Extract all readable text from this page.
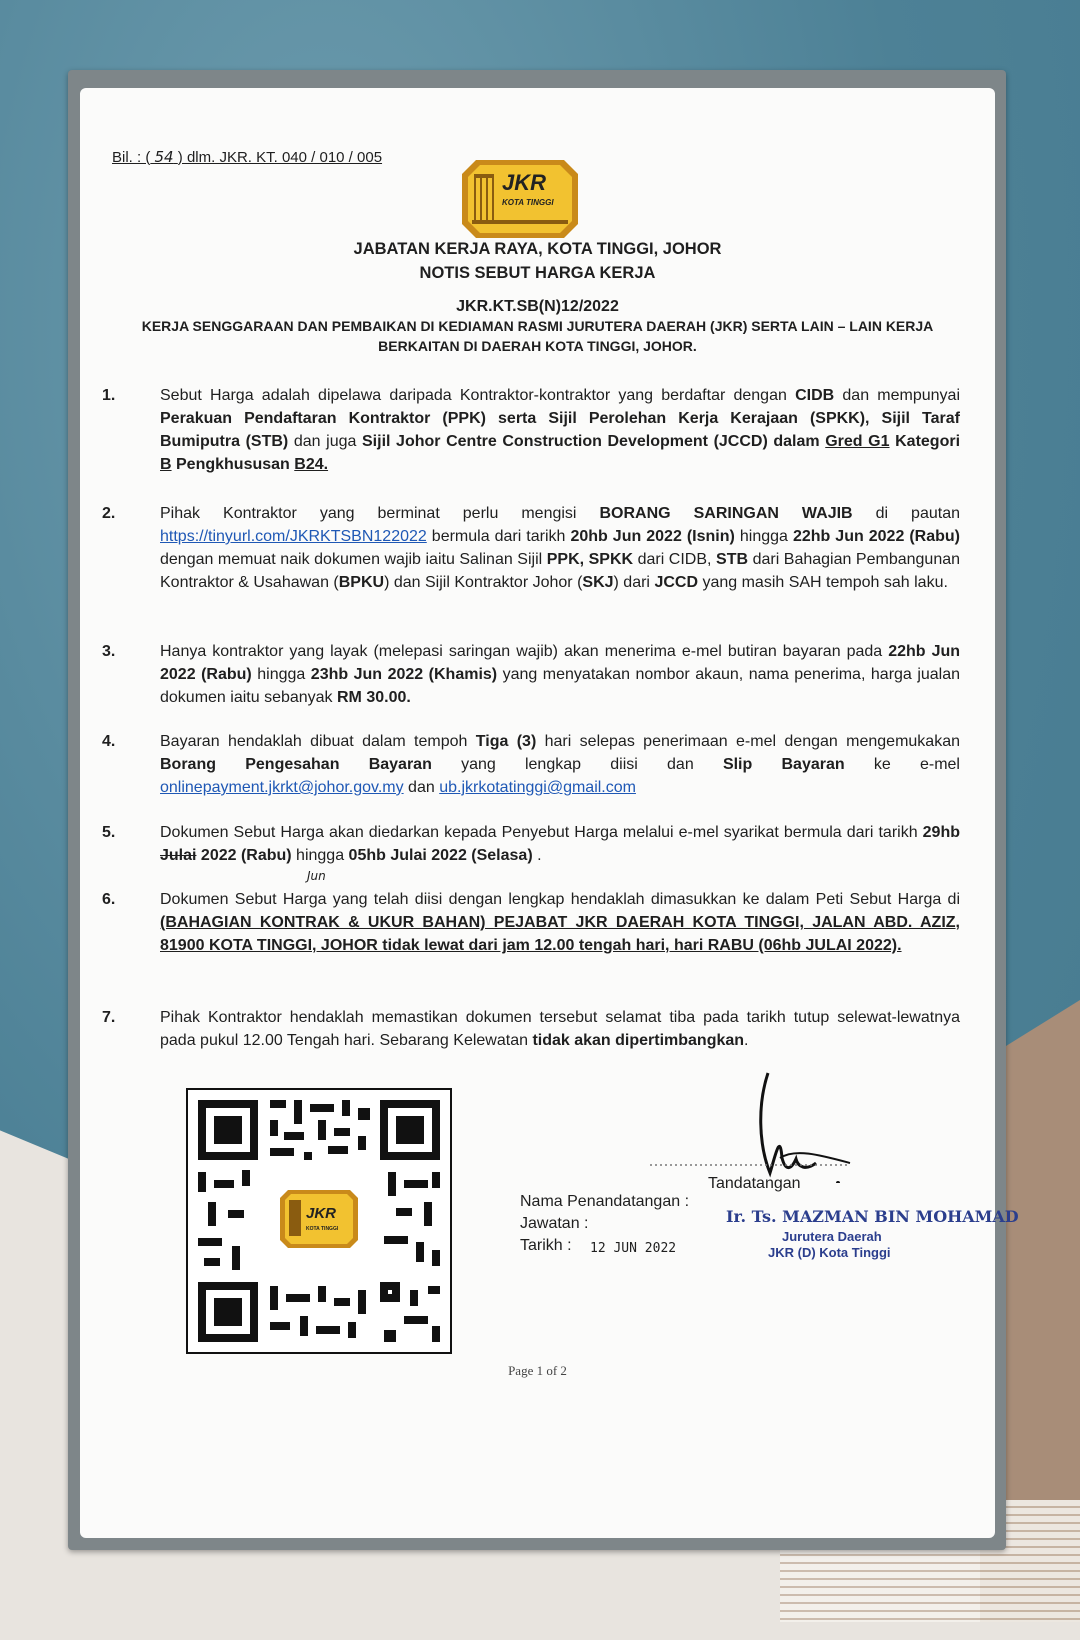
Bil. : ( 54 ) dlm. JKR. KT. 040 / 010 / 005
JKR
KOTA TINGGI
JABATAN KERJA RAYA, KOTA TINGGI, JOHOR
NOTIS SEBUT HARGA KERJA
JKR.KT.SB(N)12/2022
KERJA SENGGARAAN DAN PEMBAIKAN DI KEDIAMAN RASMI JURUTERA DAERAH (JKR) SERTA LAIN – LAIN KERJA BERKAITAN DI DAERAH KOTA TINGGI, JOHOR.
1.	Sebut Harga adalah dipelawa daripada Kontraktor-kontraktor yang berdaftar dengan CIDB dan mempunyai Perakuan Pendaftaran Kontraktor (PPK) serta Sijil Perolehan Kerja Kerajaan (SPKK), Sijil Taraf Bumiputra (STB) dan juga Sijil Johor Centre Construction Development (JCCD) dalam Gred G1 Kategori B Pengkhususan B24.
2.	Pihak Kontraktor yang berminat perlu mengisi BORANG SARINGAN WAJIB di pautan https://tinyurl.com/JKRKTSBN122022 bermula dari tarikh 20hb Jun 2022 (Isnin) hingga 22hb Jun 2022 (Rabu) dengan memuat naik dokumen wajib iaitu Salinan Sijil PPK, SPKK dari CIDB, STB dari Bahagian Pembangunan Kontraktor & Usahawan (BPKU) dan Sijil Kontraktor Johor (SKJ) dari JCCD yang masih SAH tempoh sah laku.
3.	Hanya kontraktor yang layak (melepasi saringan wajib) akan menerima e-mel butiran bayaran pada 22hb Jun 2022 (Rabu) hingga 23hb Jun 2022 (Khamis) yang menyatakan nombor akaun, nama penerima, harga jualan dokumen iaitu sebanyak RM 30.00.
4.	Bayaran hendaklah dibuat dalam tempoh Tiga (3) hari selepas penerimaan e-mel dengan mengemukakan Borang Pengesahan Bayaran yang lengkap diisi dan Slip Bayaran ke e-mel onlinepayment.jkrkt@johor.gov.my dan ub.jkrkotatinggi@gmail.com
5.	Dokumen Sebut Harga akan diedarkan kepada Penyebut Harga melalui e-mel syarikat bermula dari tarikh 29hb Julai 2022 (Rabu) hingga 05hb Julai 2022 (Selasa) .
Jun
6.	Dokumen Sebut Harga yang telah diisi dengan lengkap hendaklah dimasukkan ke dalam Peti Sebut Harga di (BAHAGIAN KONTRAK & UKUR BAHAN) PEJABAT JKR DAERAH KOTA TINGGI, JALAN ABD. AZIZ, 81900 KOTA TINGGI, JOHOR tidak lewat dari jam 12.00 tengah hari, hari RABU (06hb JULAI 2022).
7.	Pihak Kontraktor hendaklah memastikan dokumen tersebut selamat tiba pada tarikh tutup selewat-lewatnya pada pukul 12.00 Tengah hari. Sebarang Kelewatan tidak akan dipertimbangkan.
JKR
KOTA TINGGI
Tandatangan
Nama Penandatangan :
Jawatan :
Tarikh : 12 JUN 2022
Ir. Ts. MAZMAN BIN MOHAMAD
Jurutera Daerah
JKR (D) Kota Tinggi
Page 1 of 2
